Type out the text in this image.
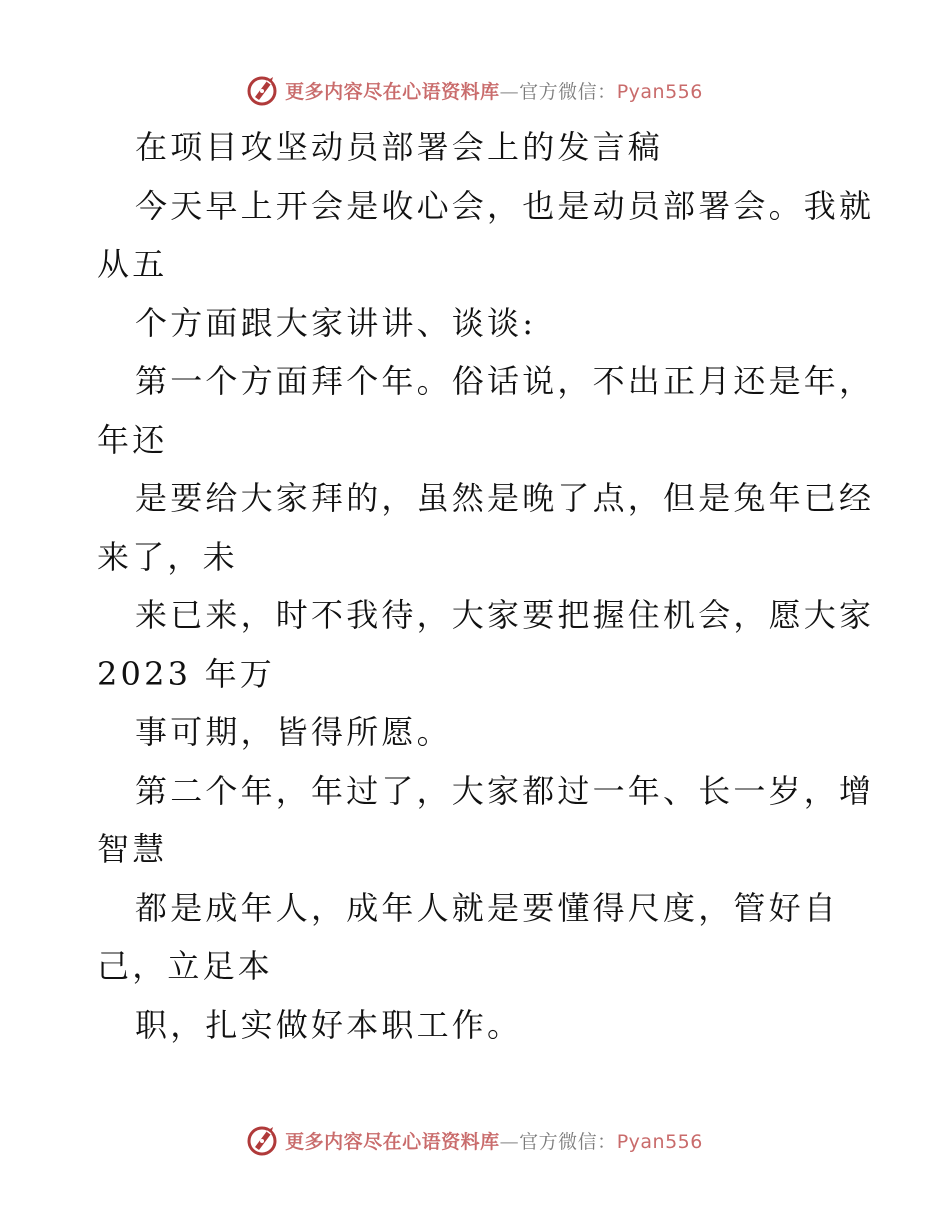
更多内容尽在心语资料库—官方微信：Pyan556
在项目攻坚动员部署会上的发言稿
今天早上开会是收心会，也是动员部署会。我就
从五
个方面跟大家讲讲、谈谈:
第一个方面拜个年。俗话说，不出正月还是年，
年还
是要给大家拜的，虽然是晚了点，但是兔年已经
来了，未
来已来，时不我待，大家要把握住机会，愿大家
2023 年万
事可期，皆得所愿。
第二个年，年过了，大家都过一年、长一岁，增
智慧
都是成年人，成年人就是要懂得尺度，管好自
己，立足本
职，扎实做好本职工作。
更多内容尽在心语资料库—官方微信：Pyan556
